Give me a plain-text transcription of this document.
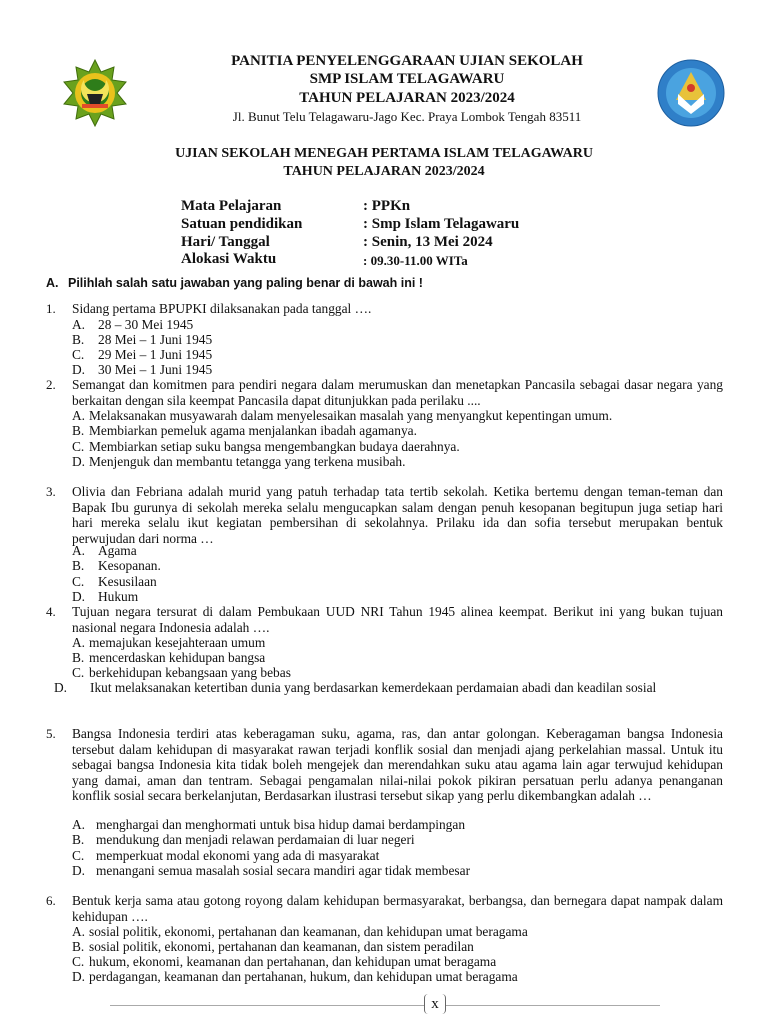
PANITIA PENYELENGGARAAN UJIAN SEKOLAH
SMP ISLAM TELAGAWARU
TAHUN PELAJARAN 2023/2024
Jl. Bunut Telu Telagawaru-Jago Kec. Praya Lombok Tengah 83511
UJIAN SEKOLAH MENEGAH PERTAMA ISLAM TELAGAWARU
TAHUN PELAJARAN 2023/2024
Mata Pelajaran	: PPKn
Satuan pendidikan	: Smp Islam Telagawaru
Hari/ Tanggal	: Senin, 13 Mei 2024
Alokasi Waktu	: 09.30-11.00 WITa
A. Pilihlah salah satu jawaban yang paling benar di bawah ini !
1. Sidang pertama BPUPKI dilaksanakan pada tanggal ….
A. 28 – 30 Mei 1945
B. 28 Mei – 1 Juni 1945
C. 29 Mei – 1 Juni 1945
D. 30 Mei – 1 Juni 1945
2. Semangat dan komitmen para pendiri negara dalam merumuskan dan menetapkan Pancasila sebagai dasar negara yang berkaitan dengan sila keempat Pancasila dapat ditunjukkan pada perilaku ....
A. Melaksanakan musyawarah dalam menyelesaikan masalah yang menyangkut kepentingan umum.
B. Membiarkan pemeluk agama menjalankan ibadah agamanya.
C. Membiarkan setiap suku bangsa mengembangkan budaya daerahnya.
D. Menjenguk dan membantu tetangga yang terkena musibah.
3. Olivia dan Febriana adalah murid yang patuh terhadap tata tertib sekolah. Ketika bertemu dengan teman-teman dan Bapak Ibu gurunya di sekolah mereka selalu mengucapkan salam dengan penuh kesopanan begitupun juga setiap hari hari mereka selalu ikut kegiatan pembersihan di sekolahnya. Prilaku ida dan sofia tersebut merupakan bentuk perwujudan dari norma …
A. Agama
B. Kesopanan.
C. Kesusilaan
D. Hukum
4. Tujuan negara tersurat di dalam Pembukaan UUD NRI Tahun 1945 alinea keempat. Berikut ini yang bukan tujuan nasional negara Indonesia adalah ….
A. memajukan kesejahteraan umum
B. mencerdaskan kehidupan bangsa
C. berkehidupan kebangsaan yang bebas
D. Ikut melaksanakan ketertiban dunia yang berdasarkan kemerdekaan perdamaian abadi dan keadilan sosial
5. Bangsa Indonesia terdiri atas keberagaman suku, agama, ras, dan antar golongan. Keberagaman bangsa Indonesia tersebut dalam kehidupan di masyarakat rawan terjadi konflik sosial dan menjadi ajang perkelahian massal. Untuk itu sebagai bangsa Indonesia kita tidak boleh mengejek dan merendahkan suku atau agama lain agar terwujud kehidupan yang damai, aman dan tentram. Sebagai pengamalan nilai-nilai pokok pikiran persatuan perlu adanya penanganan konflik sosial secara berkelanjutan, Berdasarkan ilustrasi tersebut sikap yang perlu dikembangkan adalah …
A. menghargai dan menghormati untuk bisa hidup damai berdampingan
B. mendukung dan menjadi relawan perdamaian di luar negeri
C. memperkuat modal ekonomi yang ada di masyarakat
D. menangani semua masalah sosial secara mandiri agar tidak membesar
6. Bentuk kerja sama atau gotong royong dalam kehidupan bermasyarakat, berbangsa, dan bernegara dapat nampak dalam kehidupan ….
A. sosial politik, ekonomi, pertahanan dan keamanan, dan kehidupan umat beragama
B. sosial politik, ekonomi, pertahanan dan keamanan, dan sistem peradilan
C. hukum, ekonomi, keamanan dan pertahanan, dan kehidupan umat beragama
D. perdagangan, keamanan dan pertahanan, hukum, dan kehidupan umat beragama
x
